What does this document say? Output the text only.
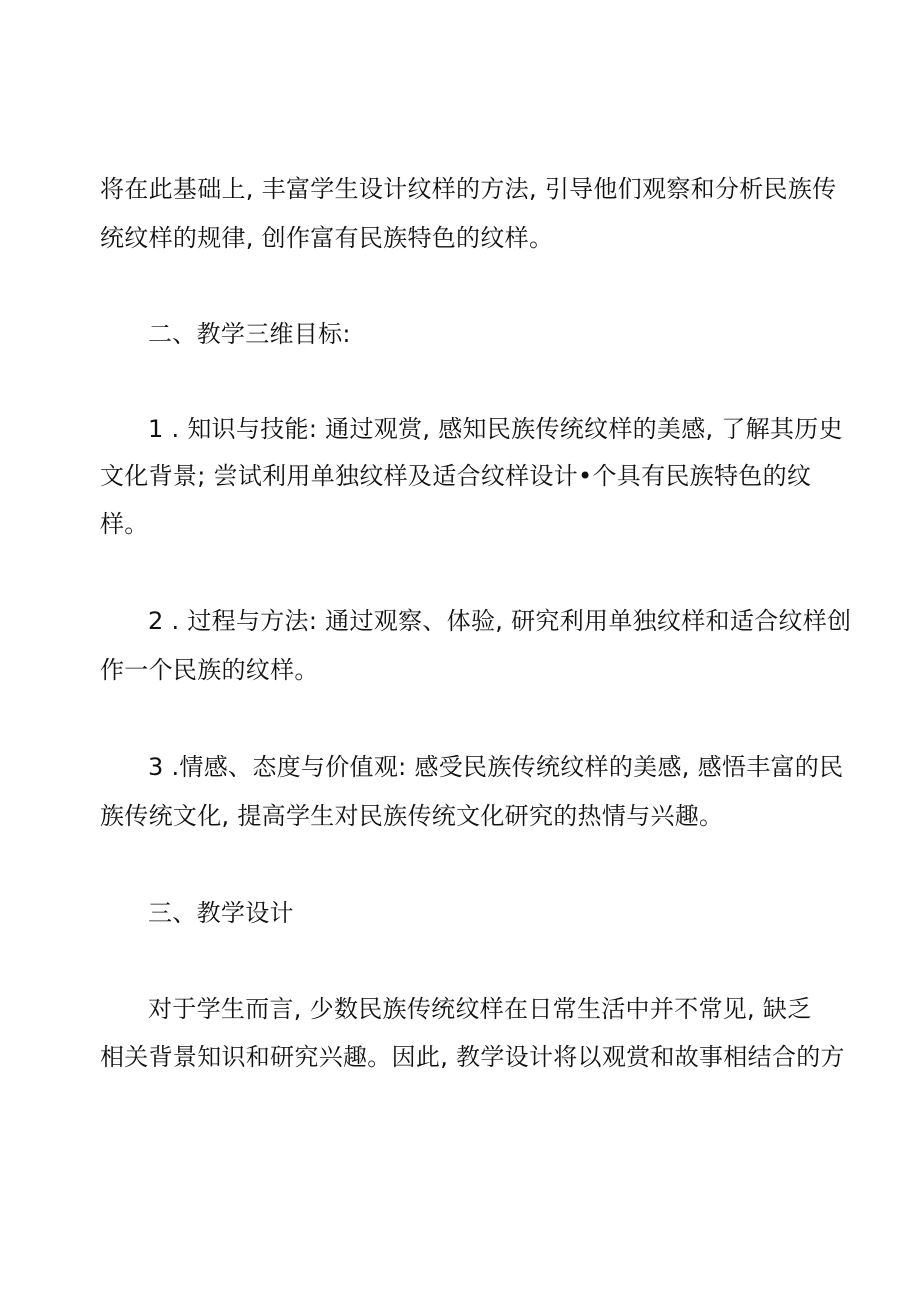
将在此基础上, 丰富学生设计纹样的方法, 引导他们观察和分析民族传

统纹样的规律, 创作富有民族特色的纹样。

二、教学三维目标:

1 . 知识与技能: 通过观赏, 感知民族传统纹样的美感, 了解其历史

文化背景; 尝试利用单独纹样及适合纹样设计•个具有民族特色的纹

样。

2 . 过程与方法: 通过观察、体验, 研究利用单独纹样和适合纹样创

作一个民族的纹样。

3 .情感、态度与价值观: 感受民族传统纹样的美感, 感悟丰富的民

族传统文化, 提高学生对民族传统文化研究的热情与兴趣。

三、教学设计

对于学生而言, 少数民族传统纹样在日常生活中并不常见, 缺乏

相关背景知识和研究兴趣。因此, 教学设计将以观赏和故事相结合的方
